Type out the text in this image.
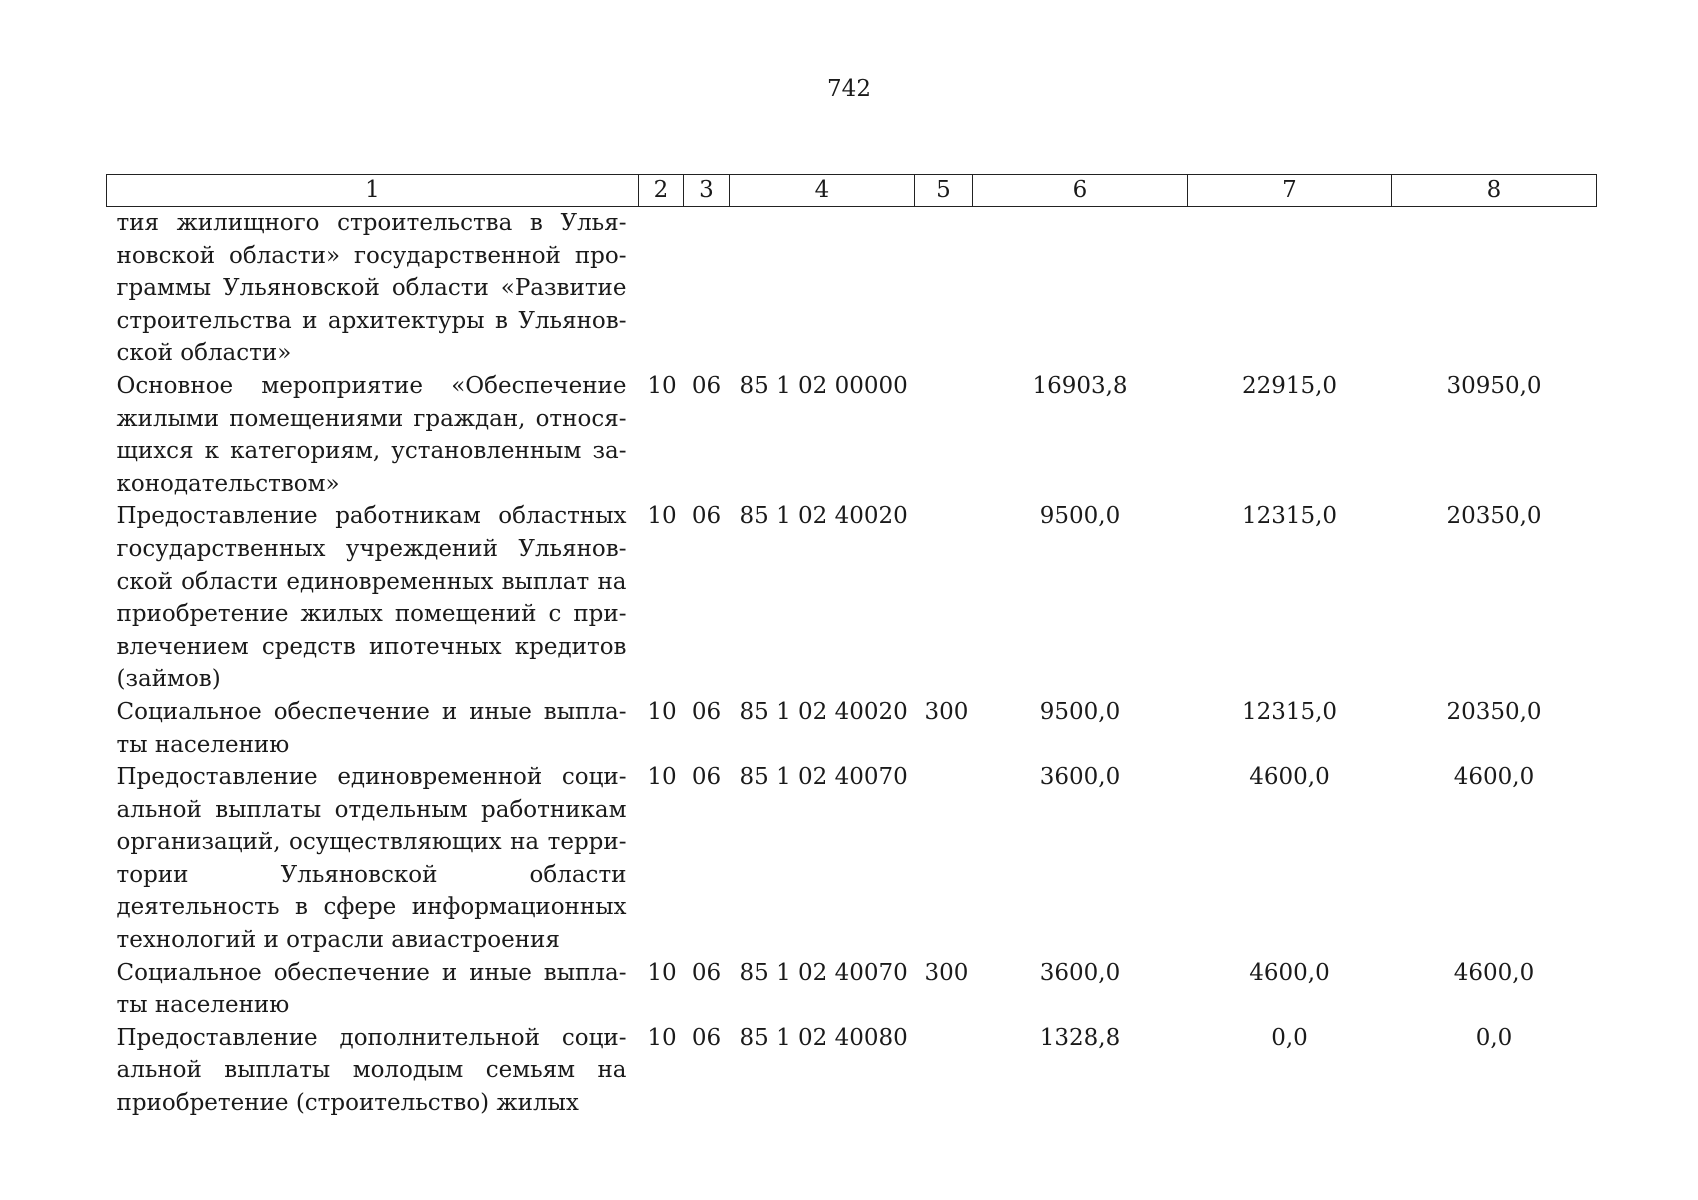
742
1	2	3	4	5	6	7	8
тия жилищного строительства в Ульяновской области» государственной программы Ульяновской области «Развитие строительства и архитектуры в Ульяновской области»							
Основное мероприятие «Обеспечение жилыми помещениями граждан, относящихся к категориям, установленным законодательством»	10	06	85 1 02 00000		16903,8	22915,0	30950,0
Предоставление работникам областных государственных учреждений Ульяновской области единовременных выплат на приобретение жилых помещений с привлечением средств ипотечных кредитов (займов)	10	06	85 1 02 40020		9500,0	12315,0	20350,0
Социальное обеспечение и иные выплаты населению	10	06	85 1 02 40020	300	9500,0	12315,0	20350,0
Предоставление единовременной социальной выплаты отдельным работникам организаций, осуществляющих на территории Ульяновской области деятельность в сфере информационных технологий и отрасли авиастроения	10	06	85 1 02 40070		3600,0	4600,0	4600,0
Социальное обеспечение и иные выплаты населению	10	06	85 1 02 40070	300	3600,0	4600,0	4600,0
Предоставление дополнительной социальной выплаты молодым семьям на приобретение (строительство) жилых	10	06	85 1 02 40080		1328,8	0,0	0,0
